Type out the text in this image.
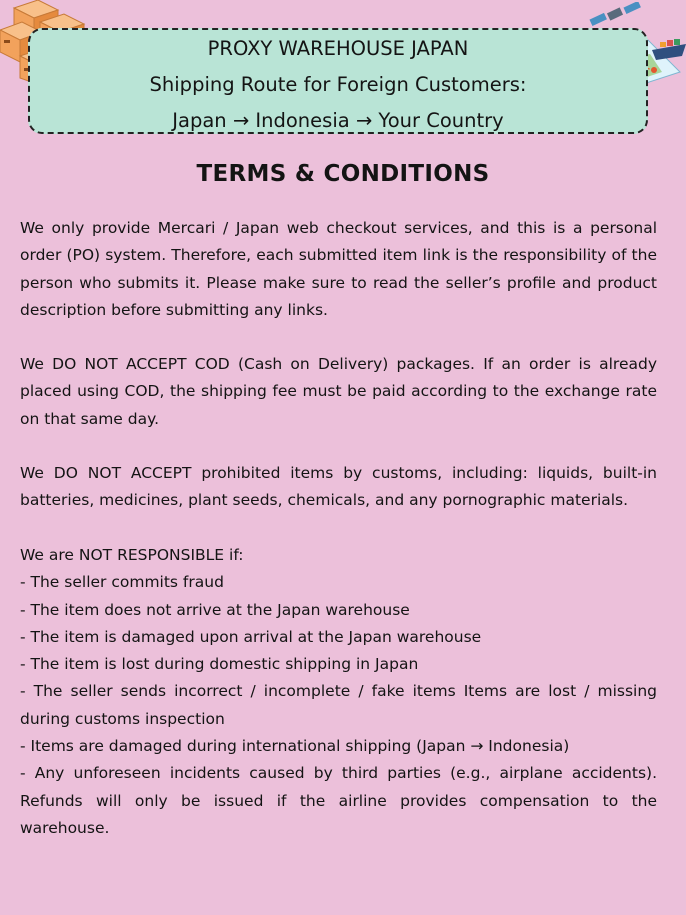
PROXY WAREHOUSE JAPAN
Shipping Route for Foreign Customers:
Japan → Indonesia → Your Country
TERMS & CONDITIONS

We only provide Mercari / Japan web checkout services, and this is a personal order (PO) system. Therefore, each submitted item link is the responsibility of the person who submits it. Please make sure to read the seller’s profile and product description before submitting any links.

We DO NOT ACCEPT COD (Cash on Delivery) packages. If an order is already placed using COD, the shipping fee must be paid according to the exchange rate on that same day.

We DO NOT ACCEPT prohibited items by customs, including: liquids, built-in batteries, medicines, plant seeds, chemicals, and any pornographic materials.

We are NOT RESPONSIBLE if:
- The seller commits fraud
- The item does not arrive at the Japan warehouse
- The item is damaged upon arrival at the Japan warehouse
- The item is lost during domestic shipping in Japan
- The seller sends incorrect / incomplete / fake items Items are lost / missing during customs inspection
- Items are damaged during international shipping (Japan → Indonesia)
- Any unforeseen incidents caused by third parties (e.g., airplane accidents). Refunds will only be issued if the airline provides compensation to the warehouse.
